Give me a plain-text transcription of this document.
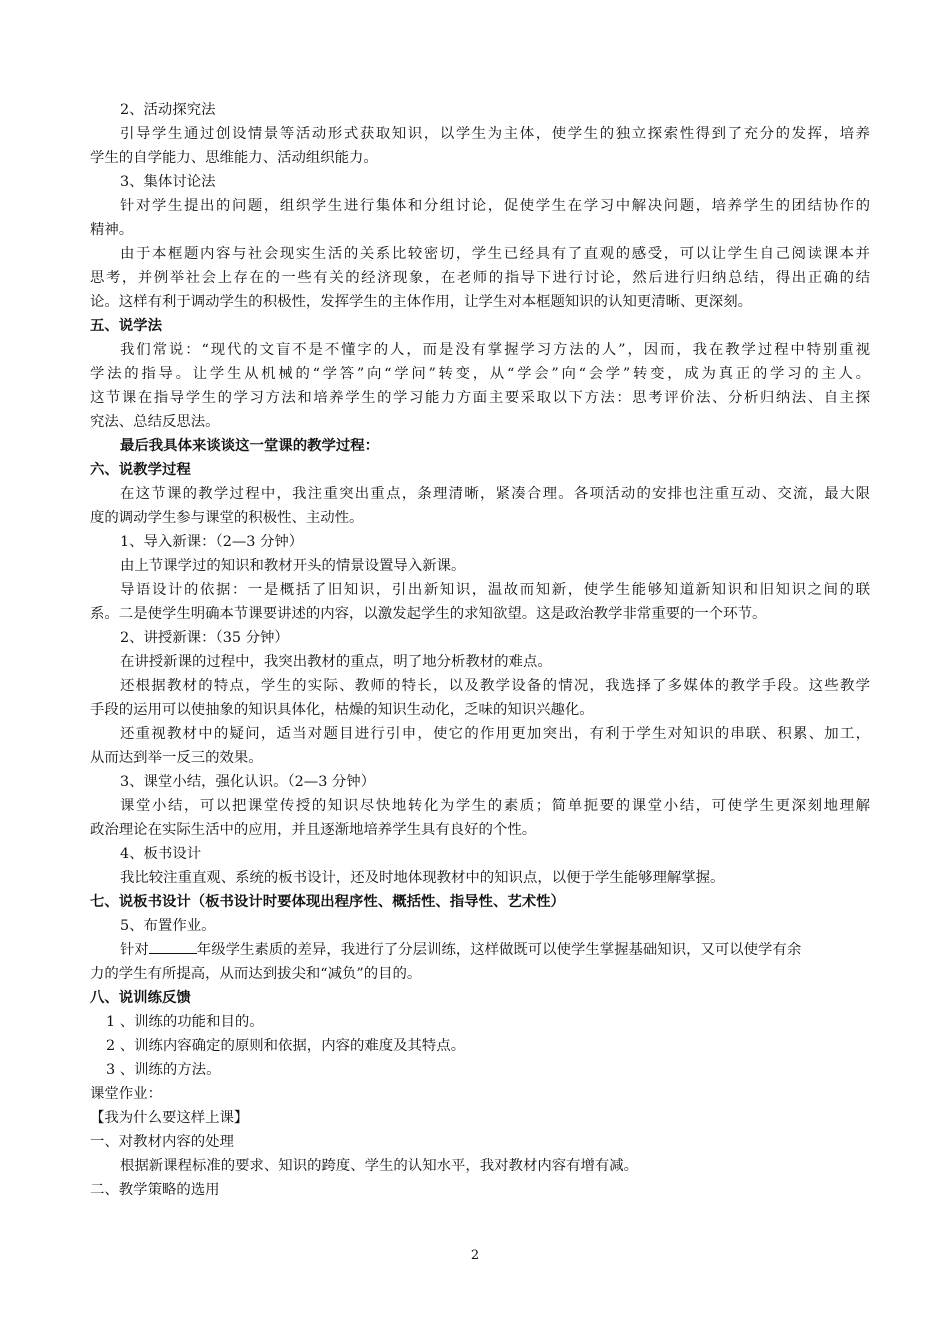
2、活动探究法
引导学生通过创设情景等活动形式获取知识，以学生为主体，使学生的独立探索性得到了充分的发挥，培养
学生的自学能力、思维能力、活动组织能力。
3、集体讨论法
针对学生提出的问题，组织学生进行集体和分组讨论，促使学生在学习中解决问题，培养学生的团结协作的
精神。
由于本框题内容与社会现实生活的关系比较密切，学生已经具有了直观的感受，可以让学生自己阅读课本并
思考，并例举社会上存在的一些有关的经济现象，在老师的指导下进行讨论，然后进行归纳总结，得出正确的结
论。这样有利于调动学生的积极性，发挥学生的主体作用，让学生对本框题知识的认知更清晰、更深刻。
五、说学法
我们常说：“现代的文盲不是不懂字的人，而是没有掌握学习方法的人”，因而，我在教学过程中特别重视
学法的指导。让学生从机械的“学答”向“学问”转变，从“学会”向“会学”转变，成为真正的学习的主人。
这节课在指导学生的学习方法和培养学生的学习能力方面主要采取以下方法：思考评价法、分析归纳法、自主探
究法、总结反思法。
最后我具体来谈谈这一堂课的教学过程：
六、说教学过程
在这节课的教学过程中，我注重突出重点，条理清晰，紧凑合理。各项活动的安排也注重互动、交流，最大限
度的调动学生参与课堂的积极性、主动性。
1、导入新课：（2—3 分钟）
由上节课学过的知识和教材开头的情景设置导入新课。
导语设计的依据：一是概括了旧知识，引出新知识，温故而知新，使学生能够知道新知识和旧知识之间的联
系。二是使学生明确本节课要讲述的内容，以激发起学生的求知欲望。这是政治教学非常重要的一个环节。
2、讲授新课：（35 分钟）
在讲授新课的过程中，我突出教材的重点，明了地分析教材的难点。
还根据教材的特点，学生的实际、教师的特长，以及教学设备的情况，我选择了多媒体的教学手段。这些教学
手段的运用可以使抽象的知识具体化，枯燥的知识生动化，乏味的知识兴趣化。
还重视教材中的疑问，适当对题目进行引申，使它的作用更加突出，有利于学生对知识的串联、积累、加工，
从而达到举一反三的效果。
3、课堂小结，强化认识。（2—3 分钟）
课堂小结，可以把课堂传授的知识尽快地转化为学生的素质；简单扼要的课堂小结，可使学生更深刻地理解
政治理论在实际生活中的应用，并且逐渐地培养学生具有良好的个性。
4、板书设计
我比较注重直观、系统的板书设计，还及时地体现教材中的知识点，以便于学生能够理解掌握。
七、说板书设计（板书设计时要体现出程序性、概括性、指导性、艺术性）
5、布置作业。
针对	年级学生素质的差异，我进行了分层训练，这样做既可以使学生掌握基础知识，又可以使学有余
力的学生有所提高，从而达到拔尖和“减负”的目的。
八、说训练反馈
1 、训练的功能和目的。
2 、训练内容确定的原则和依据，内容的难度及其特点。
3 、训练的方法。
课堂作业：
【我为什么要这样上课】
一、对教材内容的处理
根据新课程标准的要求、知识的跨度、学生的认知水平，我对教材内容有增有减。
二、教学策略的选用
2
